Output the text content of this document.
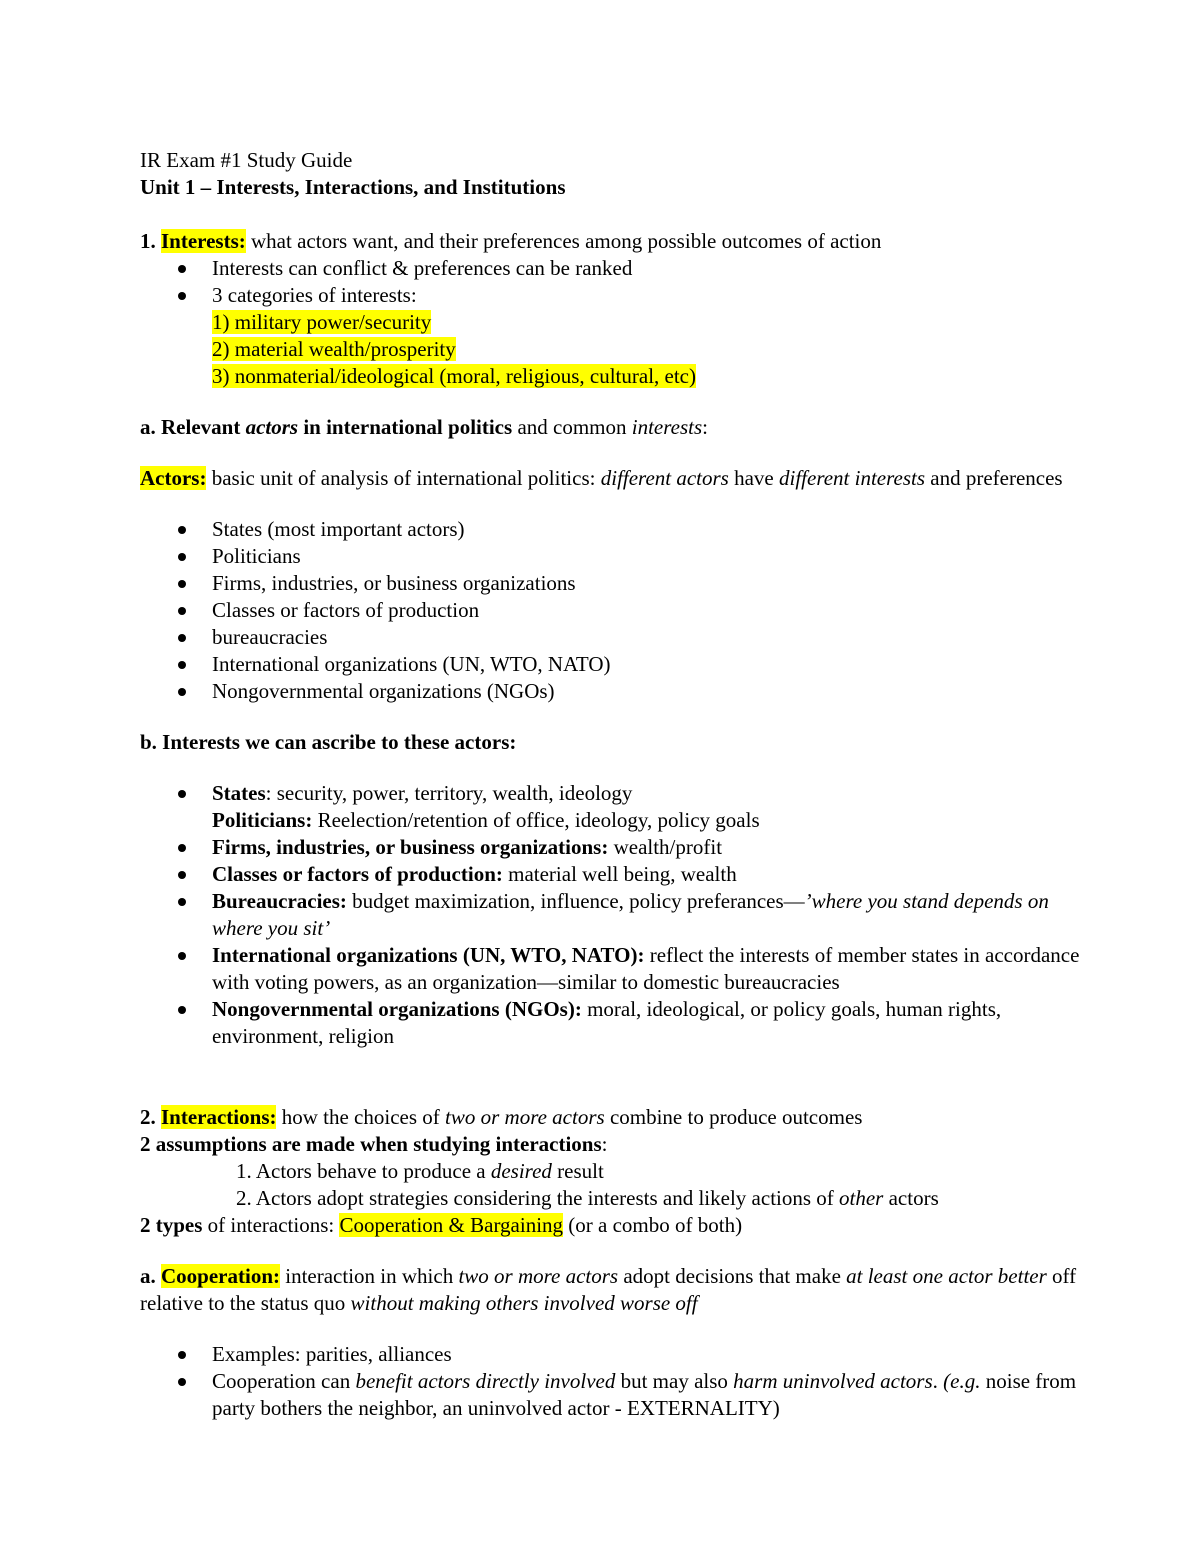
IR Exam #1 Study Guide

Unit 1 – Interests, Interactions, and Institutions

1. Interests: what actors want, and their preferences among possible outcomes of action

Interests can conflict & preferences can be ranked
3 categories of interests:
1) military power/security
2) material wealth/prosperity
3) nonmaterial/ideological (moral, religious, cultural, etc)

a. Relevant actors in international politics and common interests:

Actors: basic unit of analysis of international politics: different actors have different interests and preferences

States (most important actors)
Politicians
Firms, industries, or business organizations
Classes or factors of production
bureaucracies
International organizations (UN, WTO, NATO)
Nongovernmental organizations (NGOs)

b. Interests we can ascribe to these actors:

States: security, power, territory, wealth, ideology
Politicians: Reelection/retention of office, ideology, policy goals
Firms, industries, or business organizations: wealth/profit
Classes or factors of production: material well being, wealth
Bureaucracies: budget maximization, influence, policy preferances—’where you stand depends on where you sit’
International organizations (UN, WTO, NATO): reflect the interests of member states in accordance with voting powers, as an organization—similar to domestic bureaucracies
Nongovernmental organizations (NGOs): moral, ideological, or policy goals, human rights, environment, religion

2. Interactions: how the choices of two or more actors combine to produce outcomes

2 assumptions are made when studying interactions:

1. Actors behave to produce a desired result

2. Actors adopt strategies considering the interests and likely actions of other actors

2 types of interactions: Cooperation & Bargaining (or a combo of both)

a. Cooperation: interaction in which two or more actors adopt decisions that make at least one actor better off relative to the status quo without making others involved worse off

Examples: parities, alliances
Cooperation can benefit actors directly involved but may also harm uninvolved actors. (e.g. noise from party bothers the neighbor, an uninvolved actor - EXTERNALITY)
